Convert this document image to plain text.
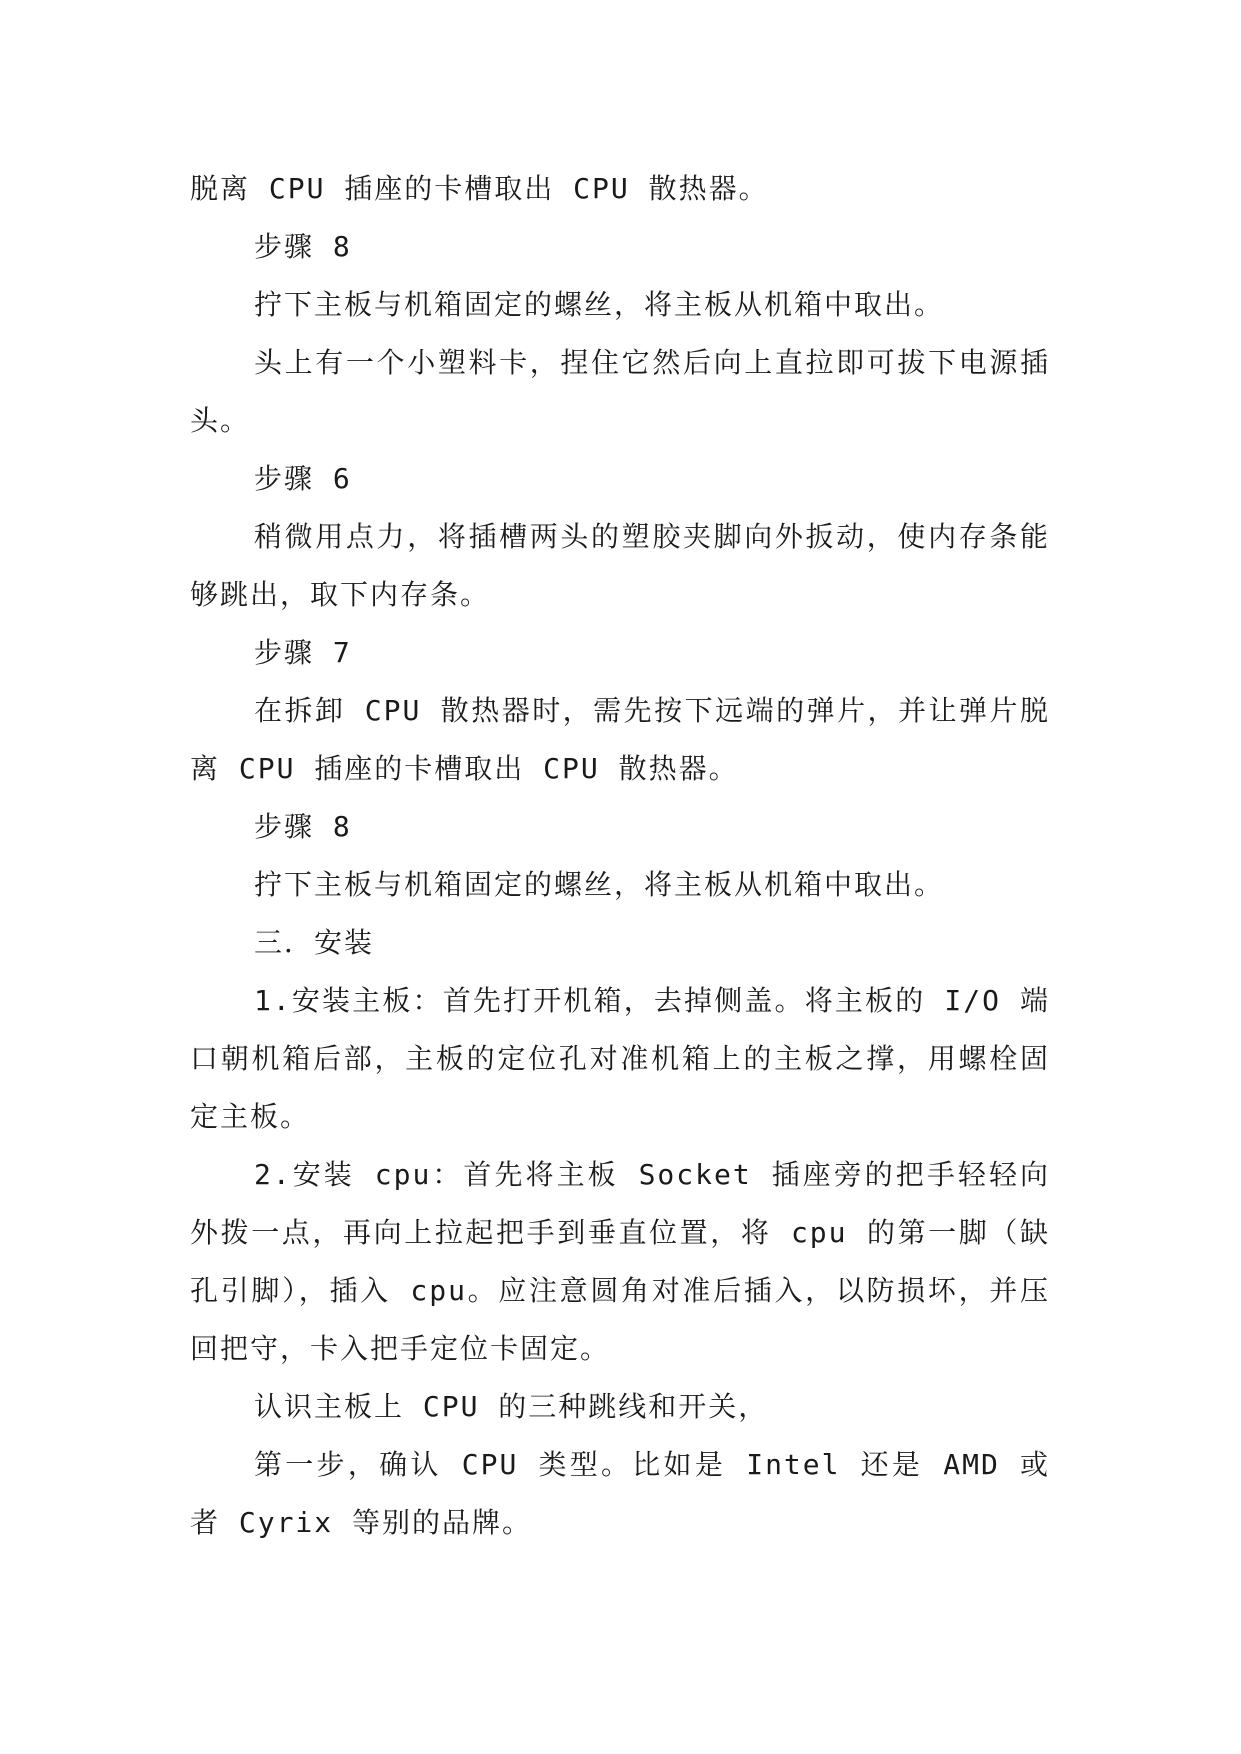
脱离 CPU 插座的卡槽取出 CPU 散热器。

步骤 8

拧下主板与机箱固定的螺丝，将主板从机箱中取出。

头上有一个小塑料卡，捏住它然后向上直拉即可拔下电源插头。

步骤 6

稍微用点力，将插槽两头的塑胶夹脚向外扳动，使内存条能够跳出，取下内存条。

步骤 7

在拆卸 CPU 散热器时，需先按下远端的弹片，并让弹片脱离 CPU 插座的卡槽取出 CPU 散热器。

步骤 8

拧下主板与机箱固定的螺丝，将主板从机箱中取出。

三．安装

1.安装主板：首先打开机箱，去掉侧盖。将主板的 I/O 端口朝机箱后部，主板的定位孔对准机箱上的主板之撑，用螺栓固定主板。

2.安装 cpu：首先将主板 Socket 插座旁的把手轻轻向外拨一点，再向上拉起把手到垂直位置，将 cpu 的第一脚（缺孔引脚），插入 cpu。应注意圆角对准后插入，以防损坏，并压回把守，卡入把手定位卡固定。

认识主板上 CPU 的三种跳线和开关，

第一步，确认 CPU 类型。比如是 Intel 还是 AMD 或者 Cyrix 等别的品牌。
